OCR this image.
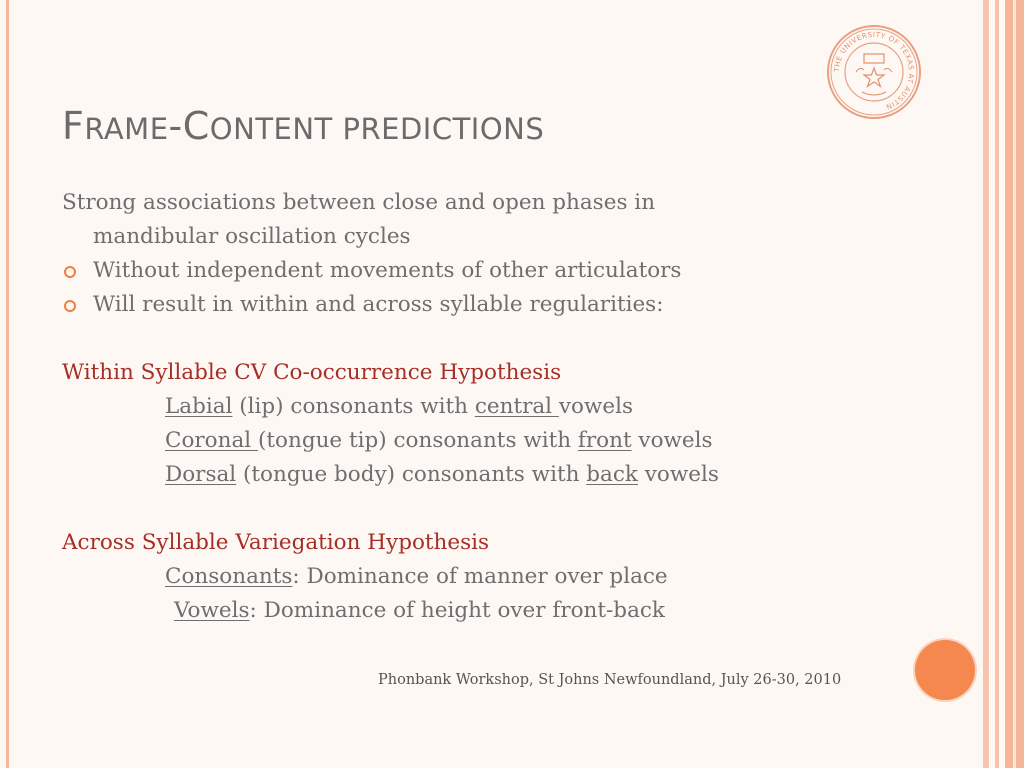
THE UNIVERSITY OF TEXAS AT AUSTIN
FRAME-CONTENT PREDICTIONS
Strong associations between close and open phases in
mandibular oscillation cycles
Without independent movements of other articulators
Will result in within and across syllable regularities:
Within Syllable CV Co-occurrence Hypothesis
Labial (lip) consonants with central vowels
Coronal (tongue tip) consonants with front vowels
Dorsal (tongue body) consonants with back vowels
Across Syllable Variegation Hypothesis
Consonants: Dominance of manner over place
Vowels: Dominance of height over front-back
Phonbank Workshop, St Johns Newfoundland, July 26-30, 2010
